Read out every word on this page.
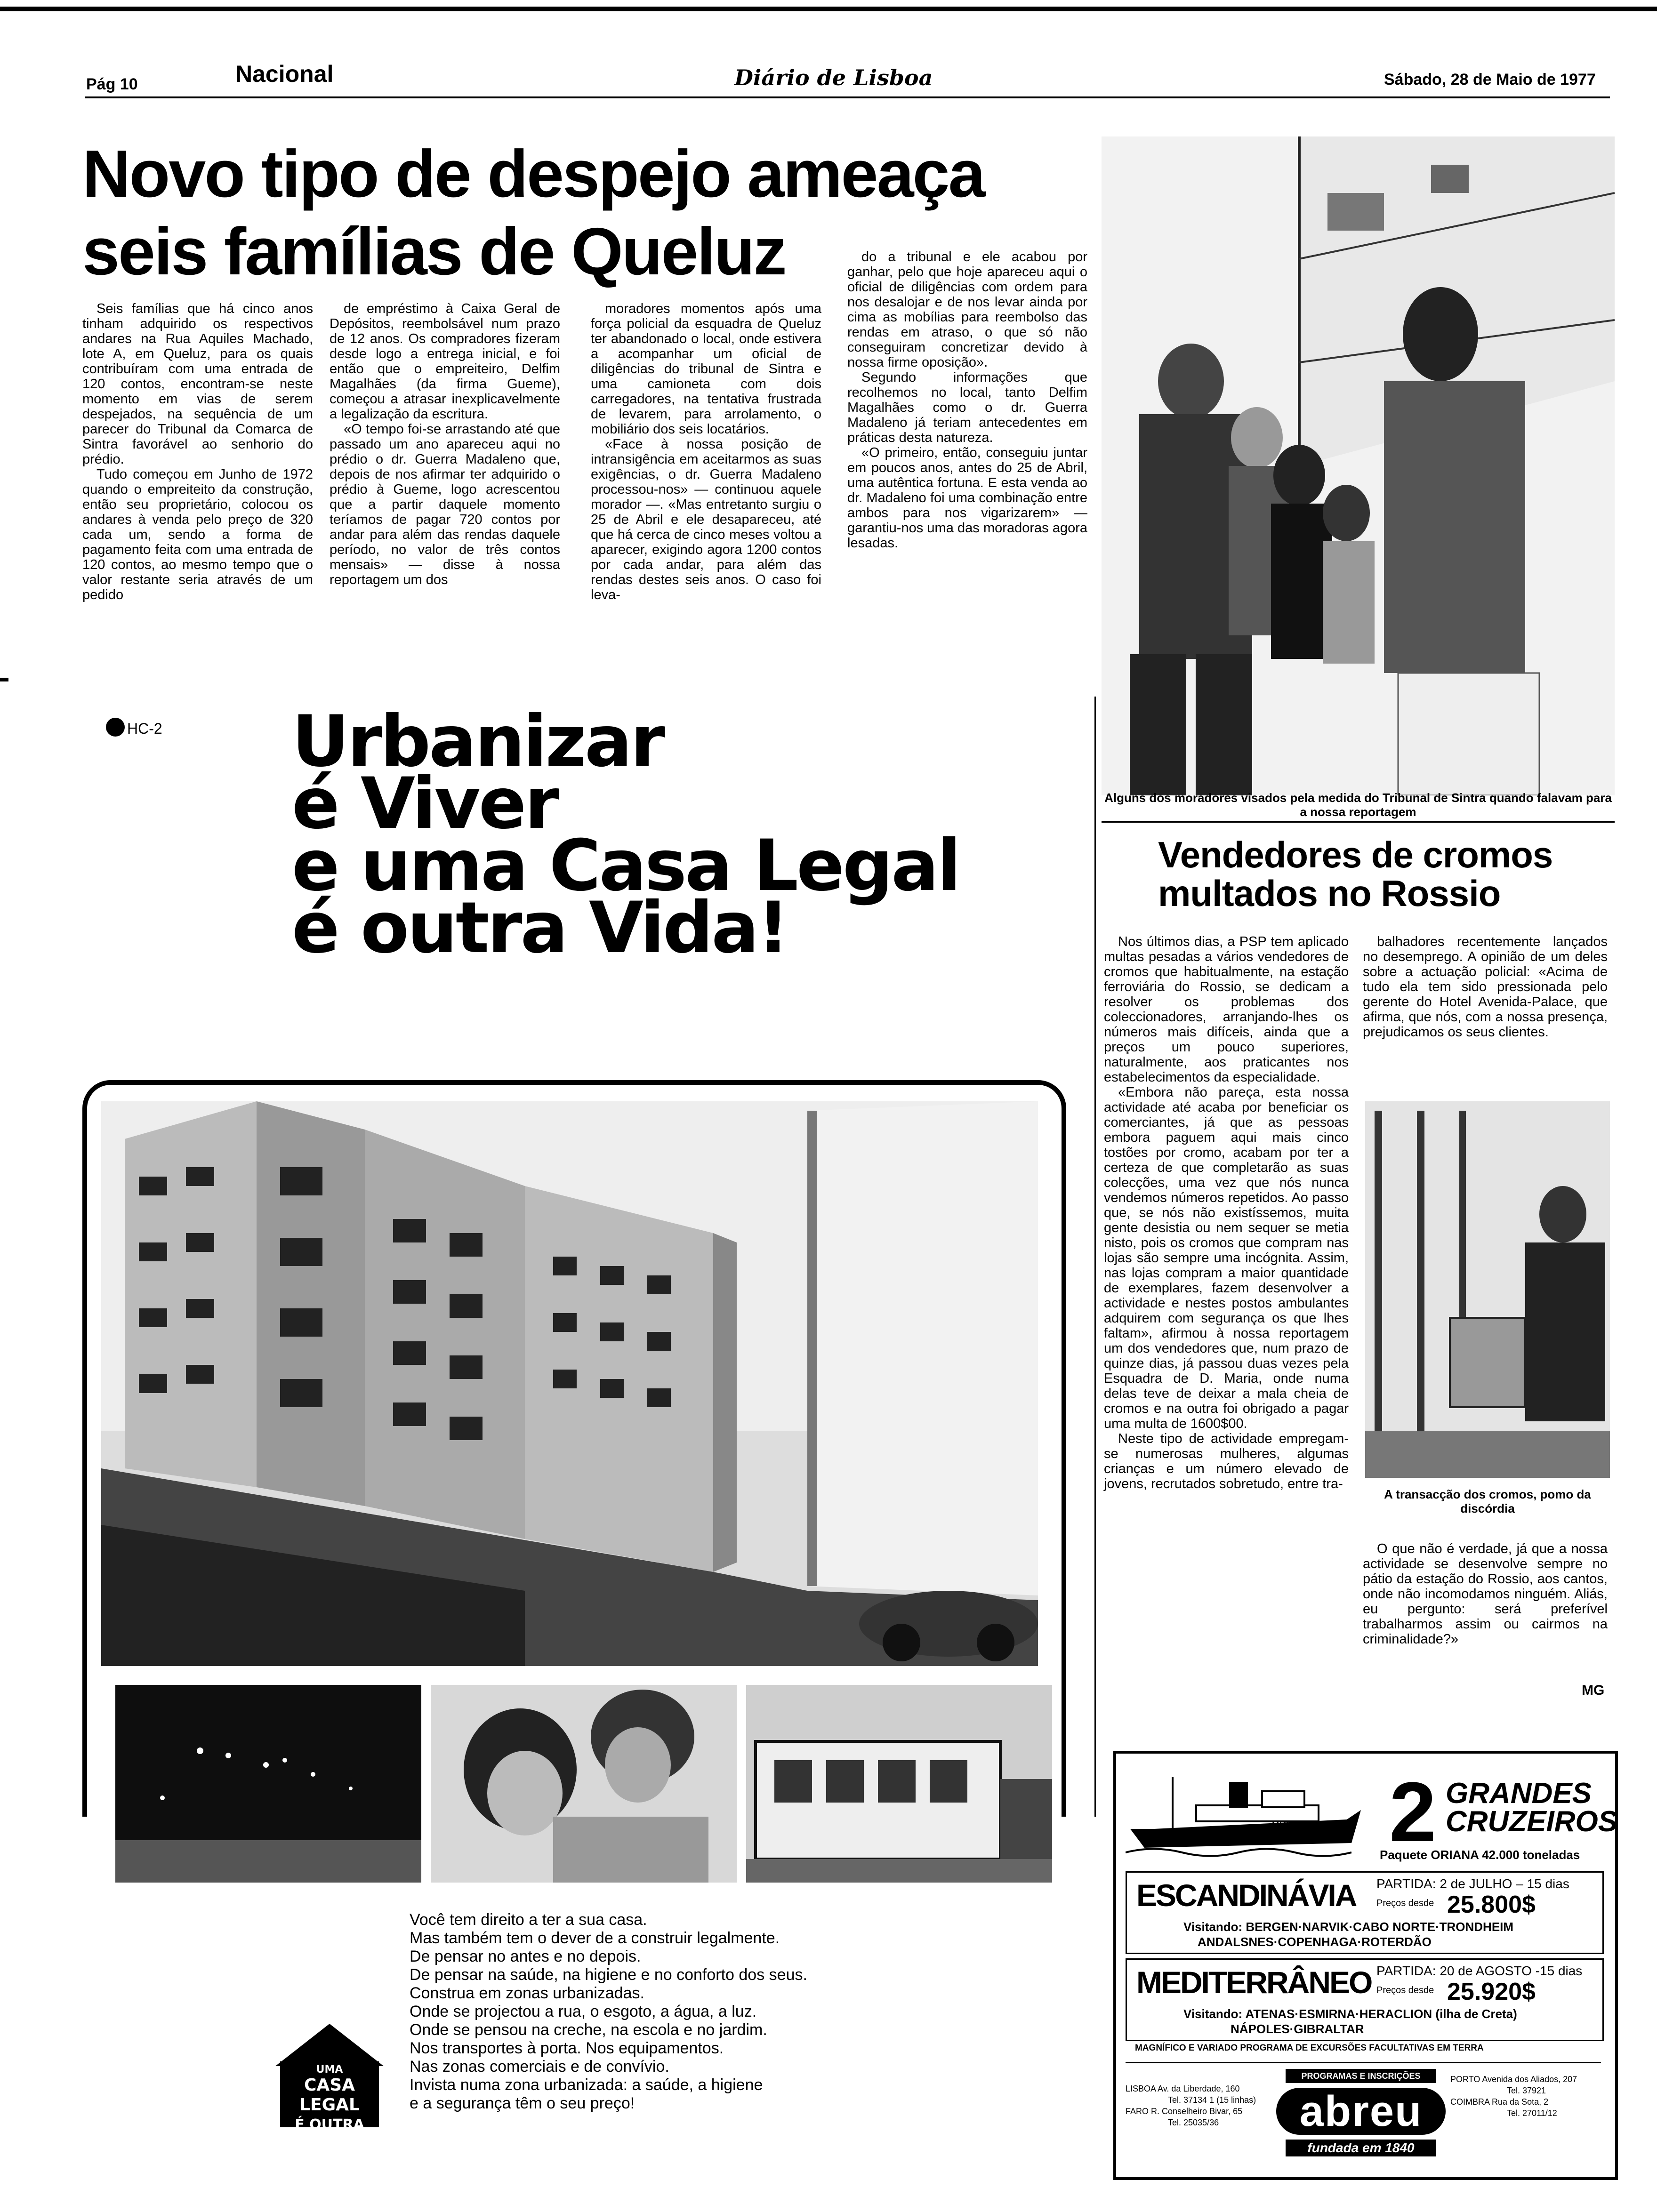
Pág 10	Nacional	Diário de Lisboa	Sábado, 28 de Maio de 1977
Novo tipo de despejo ameaça
seis famílias de Queluz

Seis famílias que há cinco anos tinham adquirido os respectivos andares na Rua Aquiles Machado, lote A, em Queluz, para os quais contribuíram com uma entrada de 120 contos, encontram-se neste momento em vias de serem despejados, na sequência de um parecer do Tribunal da Comarca de Sintra favorável ao senhorio do prédio.

Tudo começou em Junho de 1972 quando o empreiteito da construção, então seu proprietário, colocou os andares à venda pelo preço de 320 cada um, sendo a forma de pagamento feita com uma entrada de 120 contos, ao mesmo tempo que o valor restante seria através de um pedido

de empréstimo à Caixa Geral de Depósitos, reembolsável num prazo de 12 anos. Os compradores fizeram desde logo a entrega inicial, e foi então que o empreiteiro, Delfim Magalhães (da firma Gueme), começou a atrasar inexplicavelmente a legalização da escritura.

«O tempo foi-se arrastando até que passado um ano apareceu aqui no prédio o dr. Guerra Madaleno que, depois de nos afirmar ter adquirido o prédio à Gueme, logo acrescentou que a partir daquele momento teríamos de pagar 720 contos por andar para além das rendas daquele período, no valor de três contos mensais» — disse à nossa reportagem um dos

moradores momentos após uma força policial da esquadra de Queluz ter abandonado o local, onde estivera a acompanhar um oficial de diligências do tribunal de Sintra e uma camioneta com dois carregadores, na tentativa frustrada de levarem, para arrolamento, o mobiliário dos seis locatários.

«Face à nossa posição de intransigência em aceitarmos as suas exigências, o dr. Guerra Madaleno processou-nos» — continuou aquele morador —. «Mas entretanto surgiu o 25 de Abril e ele desapareceu, até que há cerca de cinco meses voltou a aparecer, exigindo agora 1200 contos por cada andar, para além das rendas destes seis anos. O caso foi leva-

do a tribunal e ele acabou por ganhar, pelo que hoje apareceu aqui o oficial de diligências com ordem para nos desalojar e de nos levar ainda por cima as mobílias para reembolso das rendas em atraso, o que só não conseguiram concretizar devido à nossa firme oposição».

Segundo informações que recolhemos no local, tanto Delfim Magalhães como o dr. Guerra Madaleno já teriam antecedentes em práticas desta natureza.

«O primeiro, então, conseguiu juntar em poucos anos, antes do 25 de Abril, uma autêntica fortuna. E esta venda ao dr. Madaleno foi uma combinação entre ambos para nos vigarizarem» — garantiu-nos uma das moradoras agora lesadas.

Alguns dos moradores visados pela medida do Tribunal de Sintra quando falavam para a nossa reportagem
HC-2 Urbanizar
é Viver
e uma Casa Legal
é outra Vida!
Você tem direito a ter a sua casa.
Mas também tem o dever de a construir legalmente.
De pensar no antes e no depois.
De pensar na saúde, na higiene e no conforto dos seus.
Construa em zonas urbanizadas.
Onde se projectou a rua, o esgoto, a água, a luz.
Onde se pensou na creche, na escola e no jardim.
Nos transportes à porta. Nos equipamentos.
Nas zonas comerciais e de convívio.
Invista numa zona urbanizada: a saúde, a higiene
e a segurança têm o seu preço!
UMA
CASA LEGAL
É OUTRA VIDA
Vendedores de cromos
multados no Rossio

Nos últimos dias, a PSP tem aplicado multas pesadas a vários vendedores de cromos que habitualmente, na estação ferroviária do Rossio, se dedicam a resolver os problemas dos coleccionadores, arranjando-lhes os números mais difíceis, ainda que a preços um pouco superiores, naturalmente, aos praticantes nos estabelecimentos da especialidade.

«Embora não pareça, esta nossa actividade até acaba por beneficiar os comerciantes, já que as pessoas embora paguem aqui mais cinco tostões por cromo, acabam por ter a certeza de que completarão as suas colecções, uma vez que nós nunca vendemos números repetidos. Ao passo que, se nós não existíssemos, muita gente desistia ou nem sequer se metia nisto, pois os cromos que compram nas lojas são sempre uma incógnita. Assim, nas lojas compram a maior quantidade de exemplares, fazem desenvolver a actividade e nestes postos ambulantes adquirem com segurança os que lhes faltam», afirmou à nossa reportagem um dos vendedores que, num prazo de quinze dias, já passou duas vezes pela Esquadra de D. Maria, onde numa delas teve de deixar a mala cheia de cromos e na outra foi obrigado a pagar uma multa de 1600$00.

Neste tipo de actividade empregam-se numerosas mulheres, algumas crianças e um número elevado de jovens, recrutados sobretudo, entre tra-

balhadores recentemente lançados no desemprego. A opinião de um deles sobre a actuação policial: «Acima de tudo ela tem sido pressionada pelo gerente do Hotel Avenida-Palace, que afirma, que nós, com a nossa presença, prejudicamos os seus clientes.

A transacção dos cromos, pomo da discórdia

O que não é verdade, já que a nossa actividade se desenvolve sempre no pátio da estação do Rossio, aos cantos, onde não incomodamos ninguém. Aliás, eu pergunto: será preferível trabalharmos assim ou cairmos na criminalidade?»

MG
ORIANA 2 GRANDES
CRUZEIROS
Paquete ORIANA 42.000 toneladas
ESCANDINÁVIA PARTIDA: 2 de JULHO – 15 dias
Preços desde 25.800$
Visitando: BERGEN·NARVIK·CABO NORTE·TRONDHEIM
ANDALSNES·COPENHAGA·ROTERDÃO
MEDITERRÂNEO PARTIDA: 20 de AGOSTO -15 dias
Preços desde 25.920$
Visitando: ATENAS·ESMIRNA·HERACLION (ilha de Creta)
NÁPOLES·GIBRALTAR
MAGNÍFICO E VARIADO PROGRAMA DE EXCURSÕES FACULTATIVAS EM TERRA
PROGRAMAS E INSCRIÇÕES
abreu
fundada em 1840
LISBOA Av. da Liberdade, 160
Tel. 37134 1 (15 linhas)
FARO R. Conselheiro Bivar, 65
Tel. 25035/36
PORTO Avenida dos Aliados, 207
Tel. 37921
COIMBRA Rua da Sota, 2
Tel. 27011/12
